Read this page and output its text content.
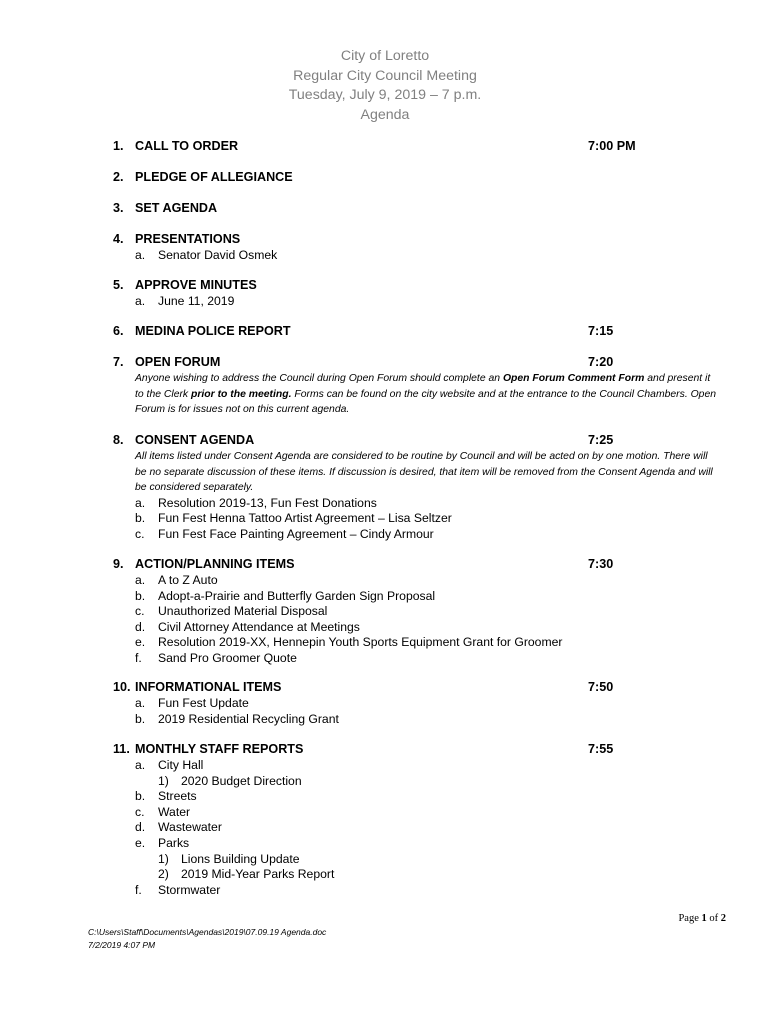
City of Loretto
Regular City Council Meeting
Tuesday, July 9, 2019 – 7 p.m.
Agenda
1. CALL TO ORDER	7:00 PM
2. PLEDGE OF ALLEGIANCE
3. SET AGENDA
4. PRESENTATIONS
a. Senator David Osmek
5. APPROVE MINUTES
a. June 11, 2019
6. MEDINA POLICE REPORT	7:15
7. OPEN FORUM	7:20
Anyone wishing to address the Council during Open Forum should complete an Open Forum Comment Form and present it to the Clerk prior to the meeting. Forms can be found on the city website and at the entrance to the Council Chambers. Open Forum is for issues not on this current agenda.
8. CONSENT AGENDA	7:25
All items listed under Consent Agenda are considered to be routine by Council and will be acted on by one motion. There will be no separate discussion of these items. If discussion is desired, that item will be removed from the Consent Agenda and will be considered separately.
a. Resolution 2019-13, Fun Fest Donations
b. Fun Fest Henna Tattoo Artist Agreement – Lisa Seltzer
c. Fun Fest Face Painting Agreement – Cindy Armour
9. ACTION/PLANNING ITEMS	7:30
a. A to Z Auto
b. Adopt-a-Prairie and Butterfly Garden Sign Proposal
c. Unauthorized Material Disposal
d. Civil Attorney Attendance at Meetings
e. Resolution 2019-XX, Hennepin Youth Sports Equipment Grant for Groomer
f. Sand Pro Groomer Quote
10. INFORMATIONAL ITEMS	7:50
a. Fun Fest Update
b. 2019 Residential Recycling Grant
11. MONTHLY STAFF REPORTS	7:55
a. City Hall
1) 2020 Budget Direction
b. Streets
c. Water
d. Wastewater
e. Parks
1) Lions Building Update
2) 2019 Mid-Year Parks Report
f. Stormwater
Page 1 of 2
C:\Users\Staff\Documents\Agendas\2019\07.09.19 Agenda.doc
7/2/2019 4:07 PM
